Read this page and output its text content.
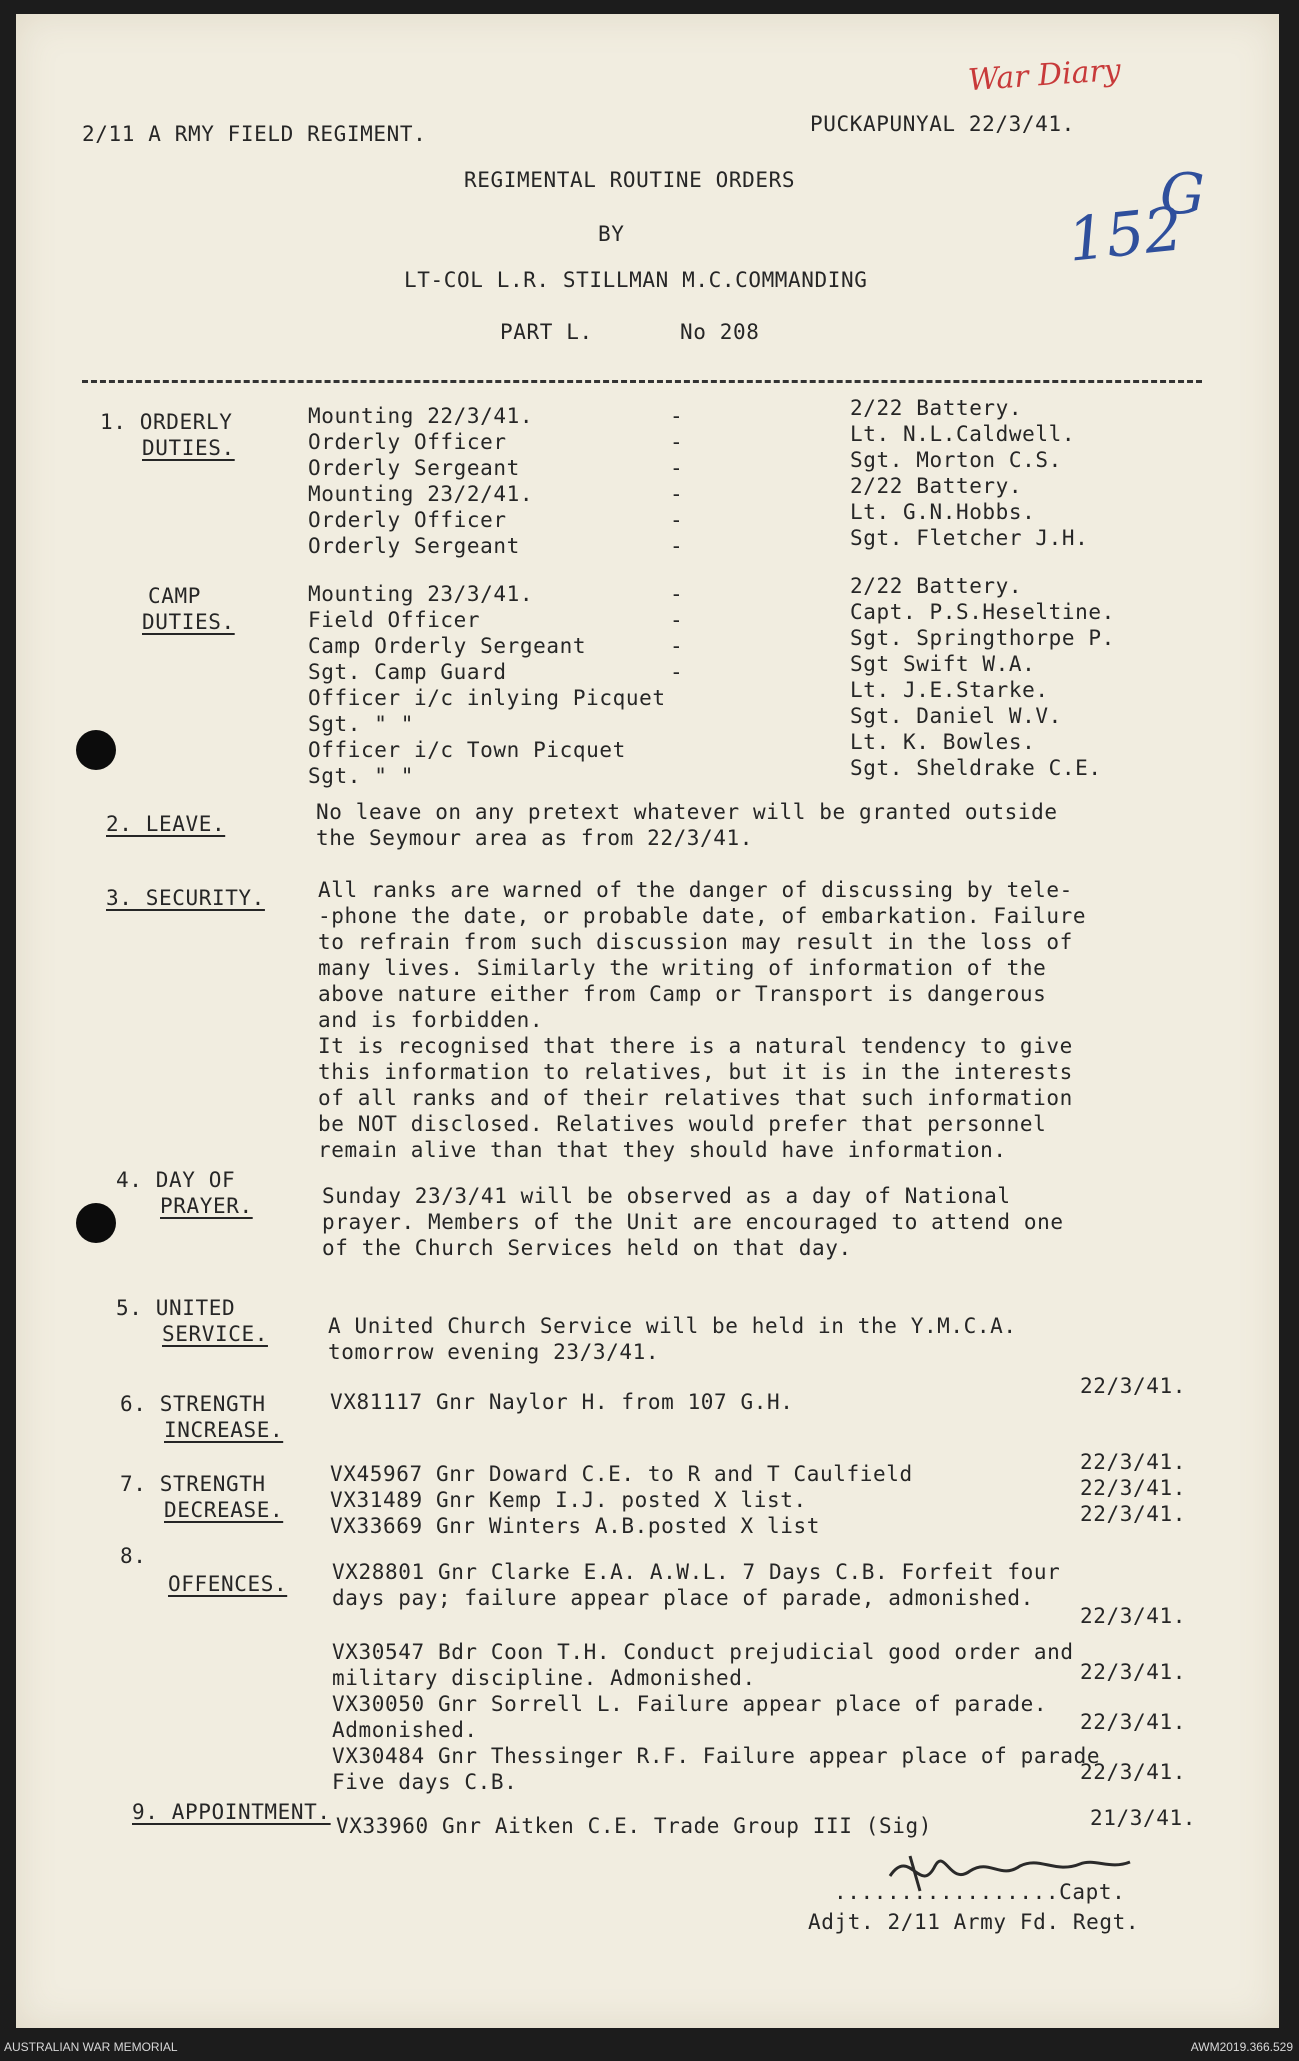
War Diary
152
G
2/11 A RMY FIELD REGIMENT.	PUCKAPUNYAL 22/3/41.
REGIMENTAL ROUTINE ORDERS
BY
LT-COL L.R. STILLMAN M.C.COMMANDING
PART L.	No 208
1. ORDERLY
DUTIES.
Mounting 22/3/41.	-	2/22 Battery.
Orderly Officer	-	Lt. N.L.Caldwell.
Orderly Sergeant	-	Sgt. Morton C.S.
Mounting 23/2/41.	-	2/22 Battery.
Orderly Officer	-	Lt. G.N.Hobbs.
Orderly Sergeant	-	Sgt. Fletcher J.H.
CAMP
DUTIES.
Mounting 23/3/41.	-	2/22 Battery.
Field Officer	-	Capt. P.S.Heseltine.
Camp Orderly Sergeant	-	Sgt. Springthorpe P.
Sgt. Camp Guard	-	Sgt Swift W.A.
Officer i/c inlying Picquet	Lt. J.E.Starke.
Sgt. " "	Sgt. Daniel W.V.
Officer i/c Town Picquet	Lt. K. Bowles.
Sgt. " "	Sgt. Sheldrake C.E.
2. LEAVE.	No leave on any pretext whatever will be granted outside
the Seymour area as from 22/3/41.
3. SECURITY.	All ranks are warned of the danger of discussing by tele-
-phone the date, or probable date, of embarkation. Failure
to refrain from such discussion may result in the loss of
many lives. Similarly the writing of information of the
above nature either from Camp or Transport is dangerous
and is forbidden.
It is recognised that there is a natural tendency to give
this information to relatives, but it is in the interests
of all ranks and of their relatives that such information
be NOT disclosed. Relatives would prefer that personnel
remain alive than that they should have information.
4. DAY OF
PRAYER.	Sunday 23/3/41 will be observed as a day of National
prayer. Members of the Unit are encouraged to attend one
of the Church Services held on that day.
5. UNITED
SERVICE.	A United Church Service will be held in the Y.M.C.A.
tomorrow evening 23/3/41.
6. STRENGTH
INCREASE.
VX81117 Gnr Naylor H. from 107 G.H.
22/3/41.
7. STRENGTH
DECREASE.
VX45967 Gnr Doward C.E. to R and T Caulfield	22/3/41.
VX31489 Gnr Kemp I.J. posted X list.	22/3/41.
VX33669 Gnr Winters A.B.posted X list	22/3/41.
8.
OFFENCES. VX28801 Gnr Clarke E.A. A.W.L. 7 Days C.B. Forfeit four
days pay; failure appear place of parade, admonished.
22/3/41.
VX30547 Bdr Coon T.H. Conduct prejudicial good order and
military discipline. Admonished.	22/3/41.
VX30050 Gnr Sorrell L. Failure appear place of parade.
Admonished.	22/3/41.
VX30484 Gnr Thessinger R.F. Failure appear place of parade
Five days C.B.	22/3/41.
9. APPOINTMENT.
VX33960 Gnr Aitken C.E. Trade Group III (Sig)	21/3/41.
.................Capt.
Adjt. 2/11 Army Fd. Regt.
AUSTRALIAN WAR MEMORIAL	AWM2019.366.529
